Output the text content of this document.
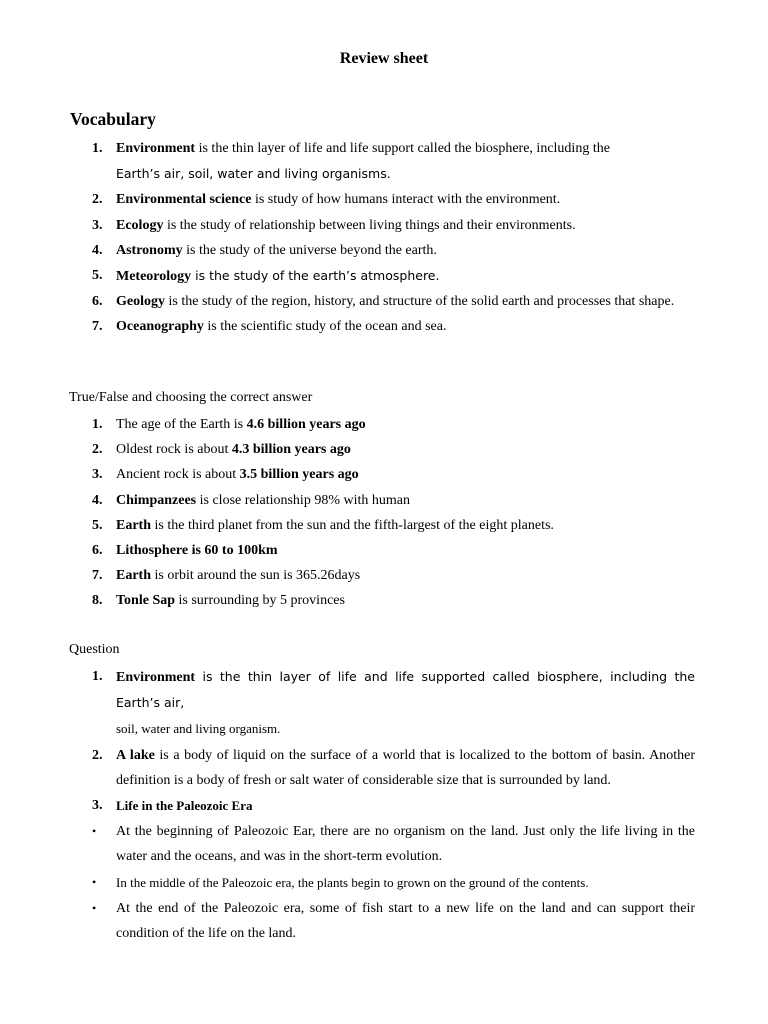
Review sheet
Vocabulary
1. Environment is the thin layer of life and life support called the biosphere, including the
Earth’s air, soil, water and living organisms.
2. Environmental science is study of how humans interact with the environment.
3. Ecology is the study of relationship between living things and their environments.
4. Astronomy is the study of the universe beyond the earth.
5. Meteorology is the study of the earth’s atmosphere.
6. Geology is the study of the region, history, and structure of the solid earth and processes that shape.
7. Oceanography is the scientific study of the ocean and sea.
True/False and choosing the correct answer
1. The age of the Earth is 4.6 billion years ago
2. Oldest rock is about 4.3 billion years ago
3. Ancient rock is about 3.5 billion years ago
4. Chimpanzees is close relationship 98% with human
5. Earth is the third planet from the sun and the fifth-largest of the eight planets.
6. Lithosphere is 60 to 100km
7. Earth is orbit around the sun is 365.26days
8. Tonle Sap is surrounding by 5 provinces
Question
1. Environment is the thin layer of life and life supported called biosphere, including the Earth’s air,
soil, water and living organism.
2. A lake is a body of liquid on the surface of a world that is localized to the bottom of basin. Another definition is a body of fresh or salt water of considerable size that is surrounded by land.
3. Life in the Paleozoic Era
• At the beginning of Paleozoic Ear, there are no organism on the land. Just only the life living in the water and the oceans, and was in the short-term evolution.
• In the middle of the Paleozoic era, the plants begin to grown on the ground of the contents.
• At the end of the Paleozoic era, some of fish start to a new life on the land and can support their condition of the life on the land.
